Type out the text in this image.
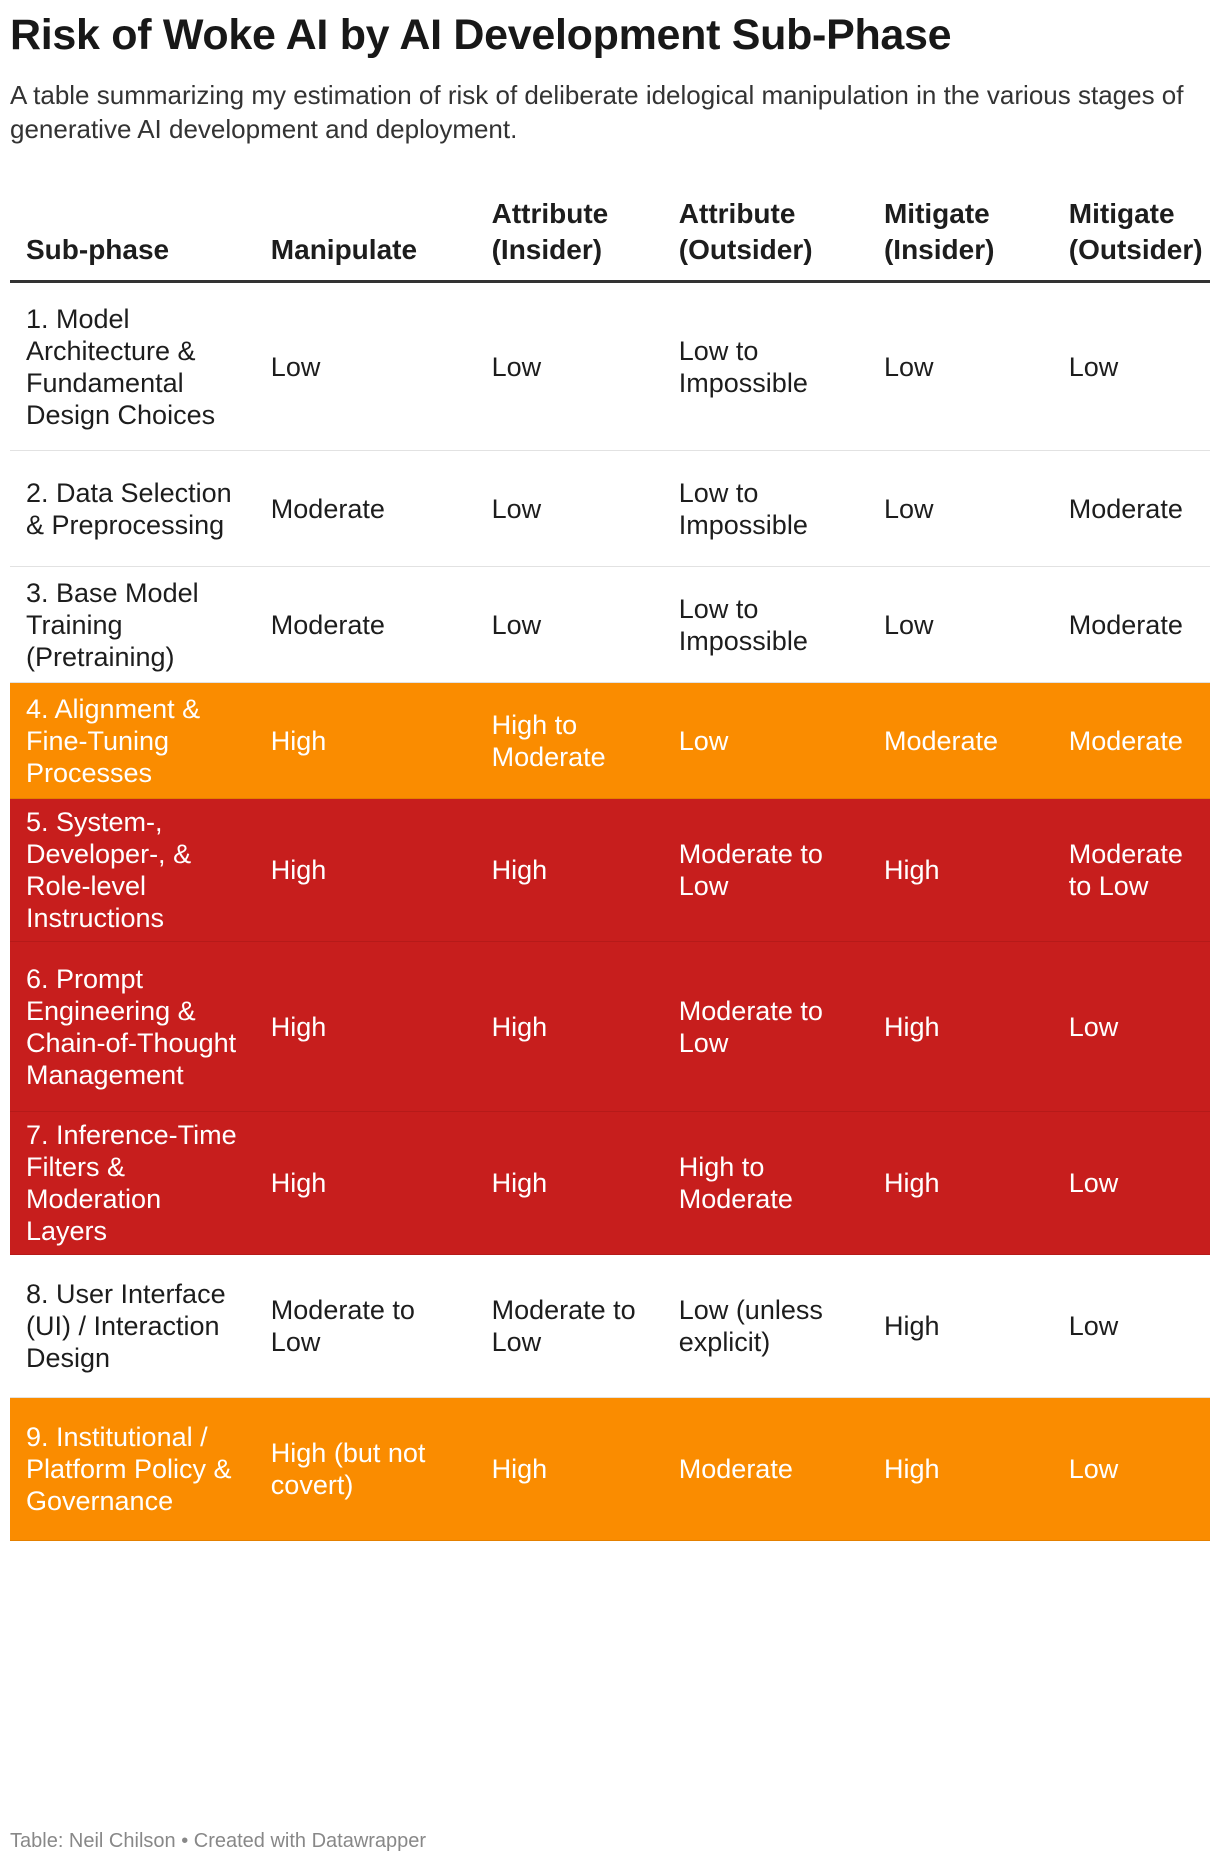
Risk of Woke AI by AI Development Sub-Phase
A table summarizing my estimation of risk of deliberate idelogical manipulation in the various stages of generative AI development and deployment.
Sub-phase	Manipulate	Attribute (Insider)	Attribute (Outsider)	Mitigate (Insider)	Mitigate (Outsider)
1. Model Architecture & Fundamental Design Choices	Low	Low	Low to Impossible	Low	Low
2. Data Selection & Preprocessing	Moderate	Low	Low to Impossible	Low	Moderate
3. Base Model Training (Pretraining)	Moderate	Low	Low to Impossible	Low	Moderate
4. Alignment & Fine-Tuning Processes	High	High to Moderate	Low	Moderate	Moderate
5. System-, Developer-, & Role-level Instructions	High	High	Moderate to Low	High	Moderate to Low
6. Prompt Engineering & Chain-of-Thought Management	High	High	Moderate to Low	High	Low
7. Inference-Time Filters & Moderation Layers	High	High	High to Moderate	High	Low
8. User Interface (UI) / Interaction Design	Moderate to Low	Moderate to Low	Low (unless explicit)	High	Low
9. Institutional / Platform Policy & Governance	High (but not covert)	High	Moderate	High	Low
Table: Neil Chilson • Created with Datawrapper
